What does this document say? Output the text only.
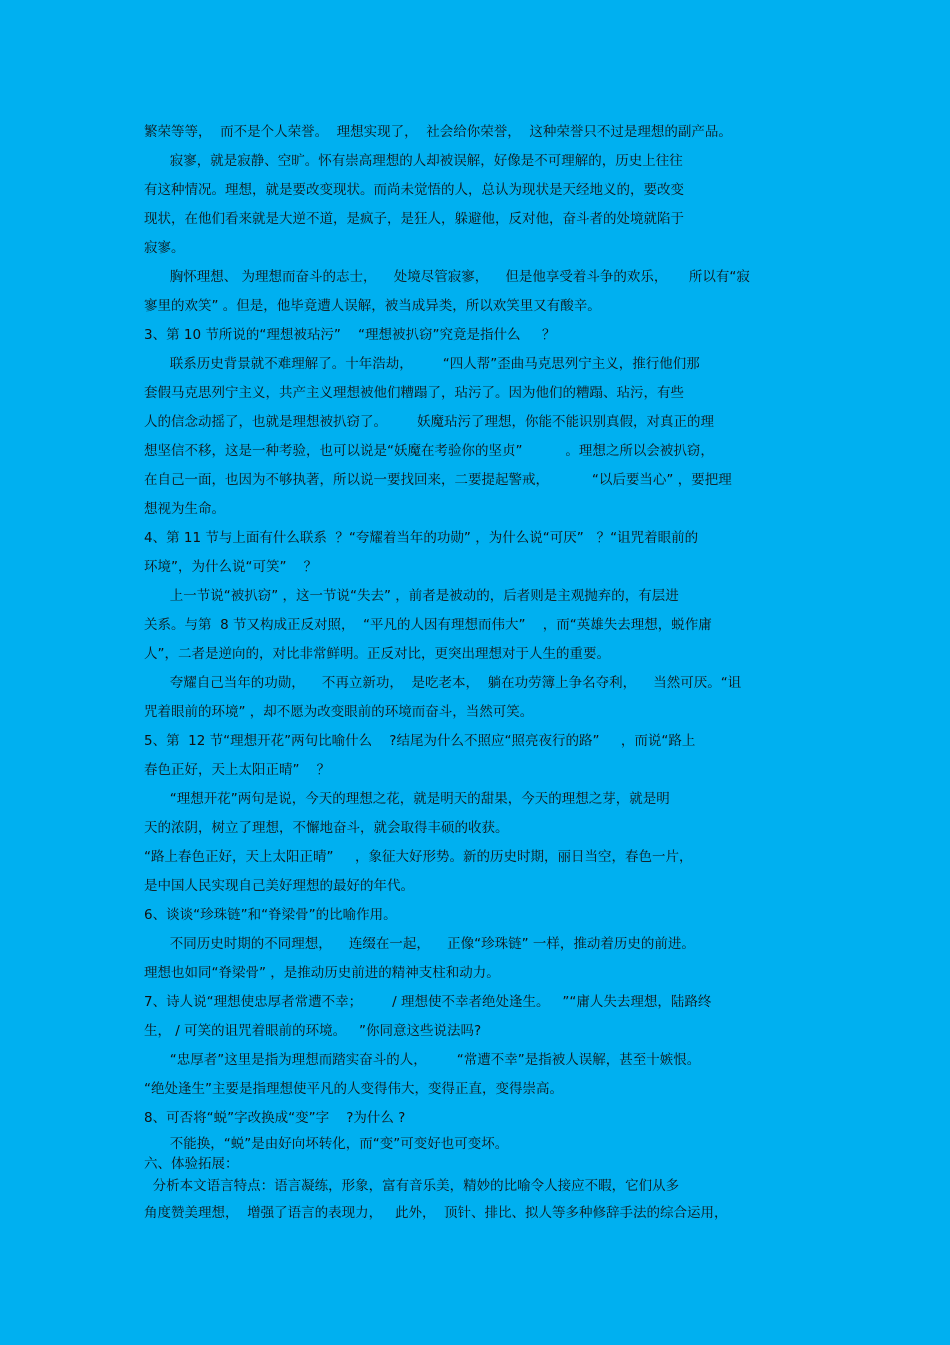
繁荣等等，  而不是个人荣誉。  理想实现了，  社会给你荣誉，  这种荣誉只不过是理想的副产品。
寂寥，就是寂静、空旷。怀有崇高理想的人却被误解，好像是不可理解的，历史上往往
有这种情况。理想，就是要改变现状。而尚未觉悟的人，总认为现状是天经地义的，要改变
现状，在他们看来就是大逆不道，是疯子，是狂人，躲避他，反对他，奋斗者的处境就陷于
寂寥。
胸怀理想、 为理想而奋斗的志士，    处境尽管寂寥，    但是他享受着斗争的欢乐，     所以有“寂
寥里的欢笑” 。但是，他毕竟遭人误解，被当成异类，所以欢笑里又有酸辛。
3、第 10 节所说的“理想被玷污”    “理想被扒窃”究竟是指什么     ？
联系历史背景就不难理解了。十年浩劫，       “四人帮”歪曲马克思列宁主义，推行他们那
套假马克思列宁主义，共产主义理想被他们糟蹋了，玷污了。因为他们的糟蹋、玷污，有些
人的信念动摇了，也就是理想被扒窃了。       妖魔玷污了理想，你能不能识别真假，对真正的理
想坚信不移，这是一种考验，也可以说是“妖魔在考验你的坚贞”          。理想之所以会被扒窃，
在自己一面，也因为不够执著，所以说一要找回来，二要提起警戒，          “以后要当心” ，要把理
想视为生命。
4、第 11 节与上面有什么联系  ？“夸耀着当年的功勋” ，为什么说“可厌”   ？“诅咒着眼前的
环境”，为什么说“可笑”    ？
上一节说“被扒窃” ，这一节说“失去” ，前者是被动的，后者则是主观抛弃的，有层进
关系。与第  8 节又构成正反对照，  “平凡的人因有理想而伟大”    ，而“英雄失去理想，蜕作庸
人”，二者是逆向的，对比非常鲜明。正反对比，更突出理想对于人生的重要。
夸耀自己当年的功勋，    不再立新功，  是吃老本，  躺在功劳簿上争名夺利，    当然可厌。“诅
咒着眼前的环境” ，却不愿为改变眼前的环境而奋斗，当然可笑。
5、第  12 节“理想开花”两句比喻什么    ?结尾为什么不照应“照亮夜行的路”     ，而说“路上
春色正好，天上太阳正晴”    ？
“理想开花”两句是说，今天的理想之花，就是明天的甜果，今天的理想之芽，就是明
天的浓阴，树立了理想，不懈地奋斗，就会取得丰硕的收获。
“路上春色正好，天上太阳正晴”     ，象征大好形势。新的历史时期，丽日当空，春色一片，
是中国人民实现自己美好理想的最好的年代。
6、谈谈“珍珠链”和“脊梁骨”的比喻作用。
不同历史时期的不同理想，    连缀在一起，    正像“珍珠链” 一样，推动着历史的前进。
理想也如同“脊梁骨” ，是推动历史前进的精神支柱和动力。
7、诗人说“理想使忠厚者常遭不幸；       / 理想使不幸者绝处逢生。   ”“庸人失去理想，陆路终
生， / 可笑的诅咒着眼前的环境。   ”你同意这些说法吗?
“忠厚者”这里是指为理想而踏实奋斗的人，       “常遭不幸”是指被人误解，甚至十嫉恨。
“绝处逢生”主要是指理想使平凡的人变得伟大，变得正直，变得崇高。
8、可否将“蜕”字改换成“变”字    ?为什么 ?
不能换，“蜕”是由好向坏转化，而“变”可变好也可变坏。
六、体验拓展：
分析本文语言特点：语言凝练，形象，富有音乐美，精妙的比喻令人接应不暇，它们从多
角度赞美理想，  增强了语言的表现力，   此外，  顶针、排比、拟人等多种修辞手法的综合运用，
